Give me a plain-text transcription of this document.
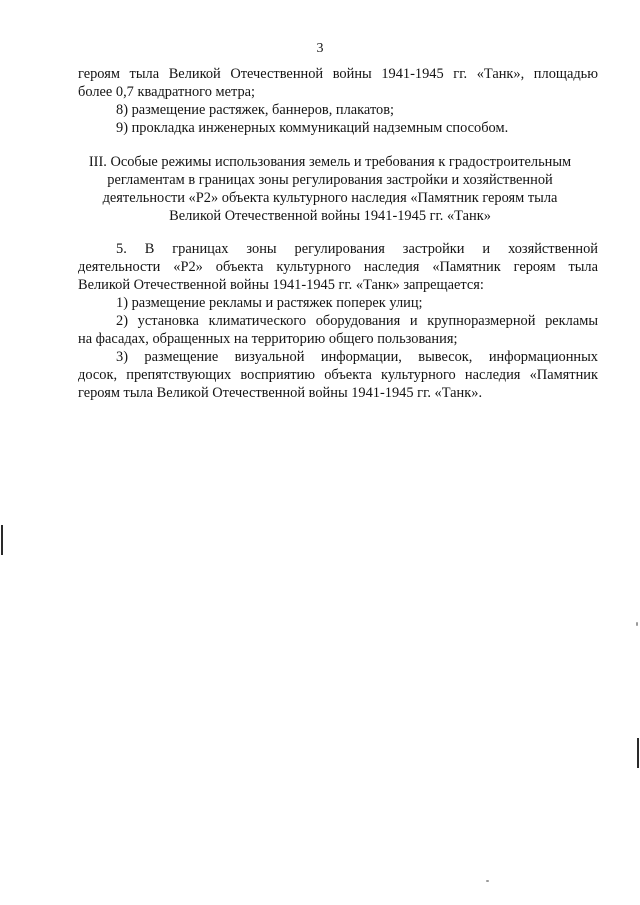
3
героям тыла Великой Отечественной войны 1941-1945 гг. «Танк», площадью
более 0,7 квадратного метра;
8) размещение растяжек, баннеров, плакатов;
9) прокладка инженерных коммуникаций надземным способом.
III. Особые режимы использования земель и требования к градостроительным
регламентам в границах зоны регулирования застройки и хозяйственной
деятельности «Р2» объекта культурного наследия «Памятник героям тыла
Великой Отечественной войны 1941-1945 гг. «Танк»
5. В границах зоны регулирования застройки и хозяйственной
деятельности «Р2» объекта культурного наследия «Памятник героям тыла
Великой Отечественной войны 1941-1945 гг. «Танк» запрещается:
1) размещение рекламы и растяжек поперек улиц;
2) установка климатического оборудования и крупноразмерной рекламы
на фасадах, обращенных на территорию общего пользования;
3) размещение визуальной информации, вывесок, информационных
досок, препятствующих восприятию объекта культурного наследия «Памятник
героям тыла Великой Отечественной войны 1941-1945 гг. «Танк».
